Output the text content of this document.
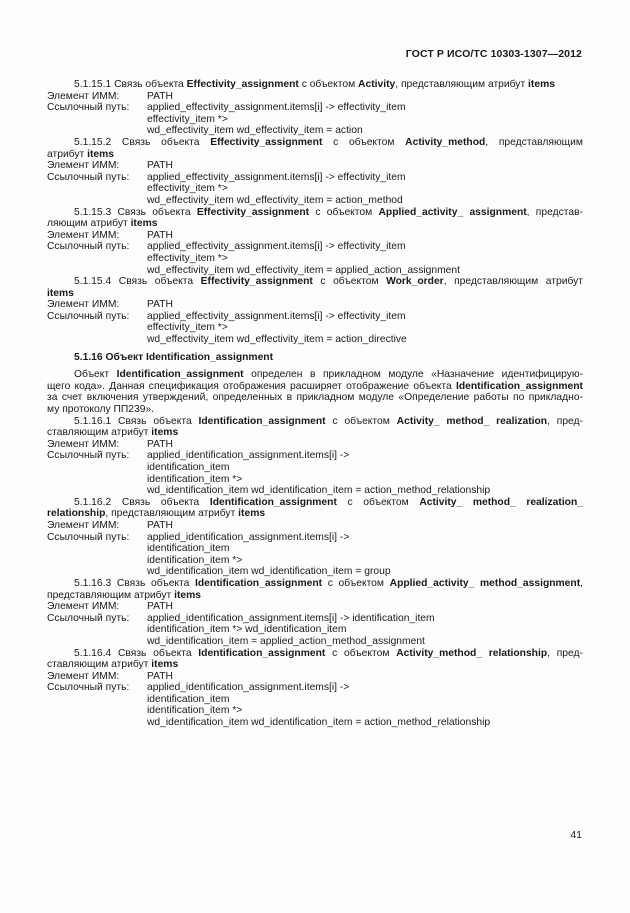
ГОСТ Р ИСО/ТС 10303-1307—2012
5.1.15.1 Связь объекта Effectivity_assignment с объектом Activity, представляющим атрибут items
Элемент ИММ:	PATH
Ссылочный путь: applied_effectivity_assignment.items[i] -> effectivity_item
effectivity_item *>
wd_effectivity_item wd_effectivity_item = action
5.1.15.2 Связь объекта Effectivity_assignment с объектом Activity_method, представляющим
атрибут items
Элемент ИММ:	PATH
Ссылочный путь: applied_effectivity_assignment.items[i] -> effectivity_item
effectivity_item *>
wd_effectivity_item wd_effectivity_item = action_method
5.1.15.3 Связь объекта Effectivity_assignment с объектом Applied_activity_ assignment, представ-
ляющим атрибут items
Элемент ИММ:	PATH
Ссылочный путь: applied_effectivity_assignment.items[i] -> effectivity_item
effectivity_item *>
wd_effectivity_item wd_effectivity_item = applied_action_assignment
5.1.15.4 Связь объекта Effectivity_assignment с объектом Work_order, представляющим атрибут
items
Элемент ИММ:	PATH
Ссылочный путь: applied_effectivity_assignment.items[i] -> effectivity_item
effectivity_item *>
wd_effectivity_item wd_effectivity_item = action_directive
5.1.16 Объект Identification_assignment
Объект Identification_assignment определен в прикладном модуле «Назначение идентифицирую-
щего кода». Данная спецификация отображения расширяет отображение объекта Identification_assignment
за счет включения утверждений, определенных в прикладном модуле «Определение работы по прикладно-
му протоколу ПП239».
5.1.16.1 Связь объекта Identification_assignment с объектом Activity_ method_ realization, пред-
ставляющим атрибут items
Элемент ИММ:	PATH
Ссылочный путь: applied_identification_assignment.items[i] ->
identification_item
identification_item *>
wd_identification_item wd_identification_item = action_method_relationship
5.1.16.2 Связь объекта Identification_assignment с объектом Activity_ method_ realization_
relationship, представляющим атрибут items
Элемент ИММ:	PATH
Ссылочный путь: applied_identification_assignment.items[i] ->
identification_item
identification_item *>
wd_identification_item wd_identification_item = group
5.1.16.3 Связь объекта Identification_assignment с объектом Applied_activity_ method_assignment,
представляющим атрибут items
Элемент ИММ:	PATH
Ссылочный путь: applied_identification_assignment.items[i] -> identification_item
identification_item *> wd_identification_item
wd_identification_item = applied_action_method_assignment
5.1.16.4 Связь объекта Identification_assignment с объектом Activity_method_ relationship, пред-
ставляющим атрибут items
Элемент ИММ:	PATH
Ссылочный путь: applied_identification_assignment.items[i] ->
identification_item
identification_item *>
wd_identification_item wd_identification_item = action_method_relationship
41
